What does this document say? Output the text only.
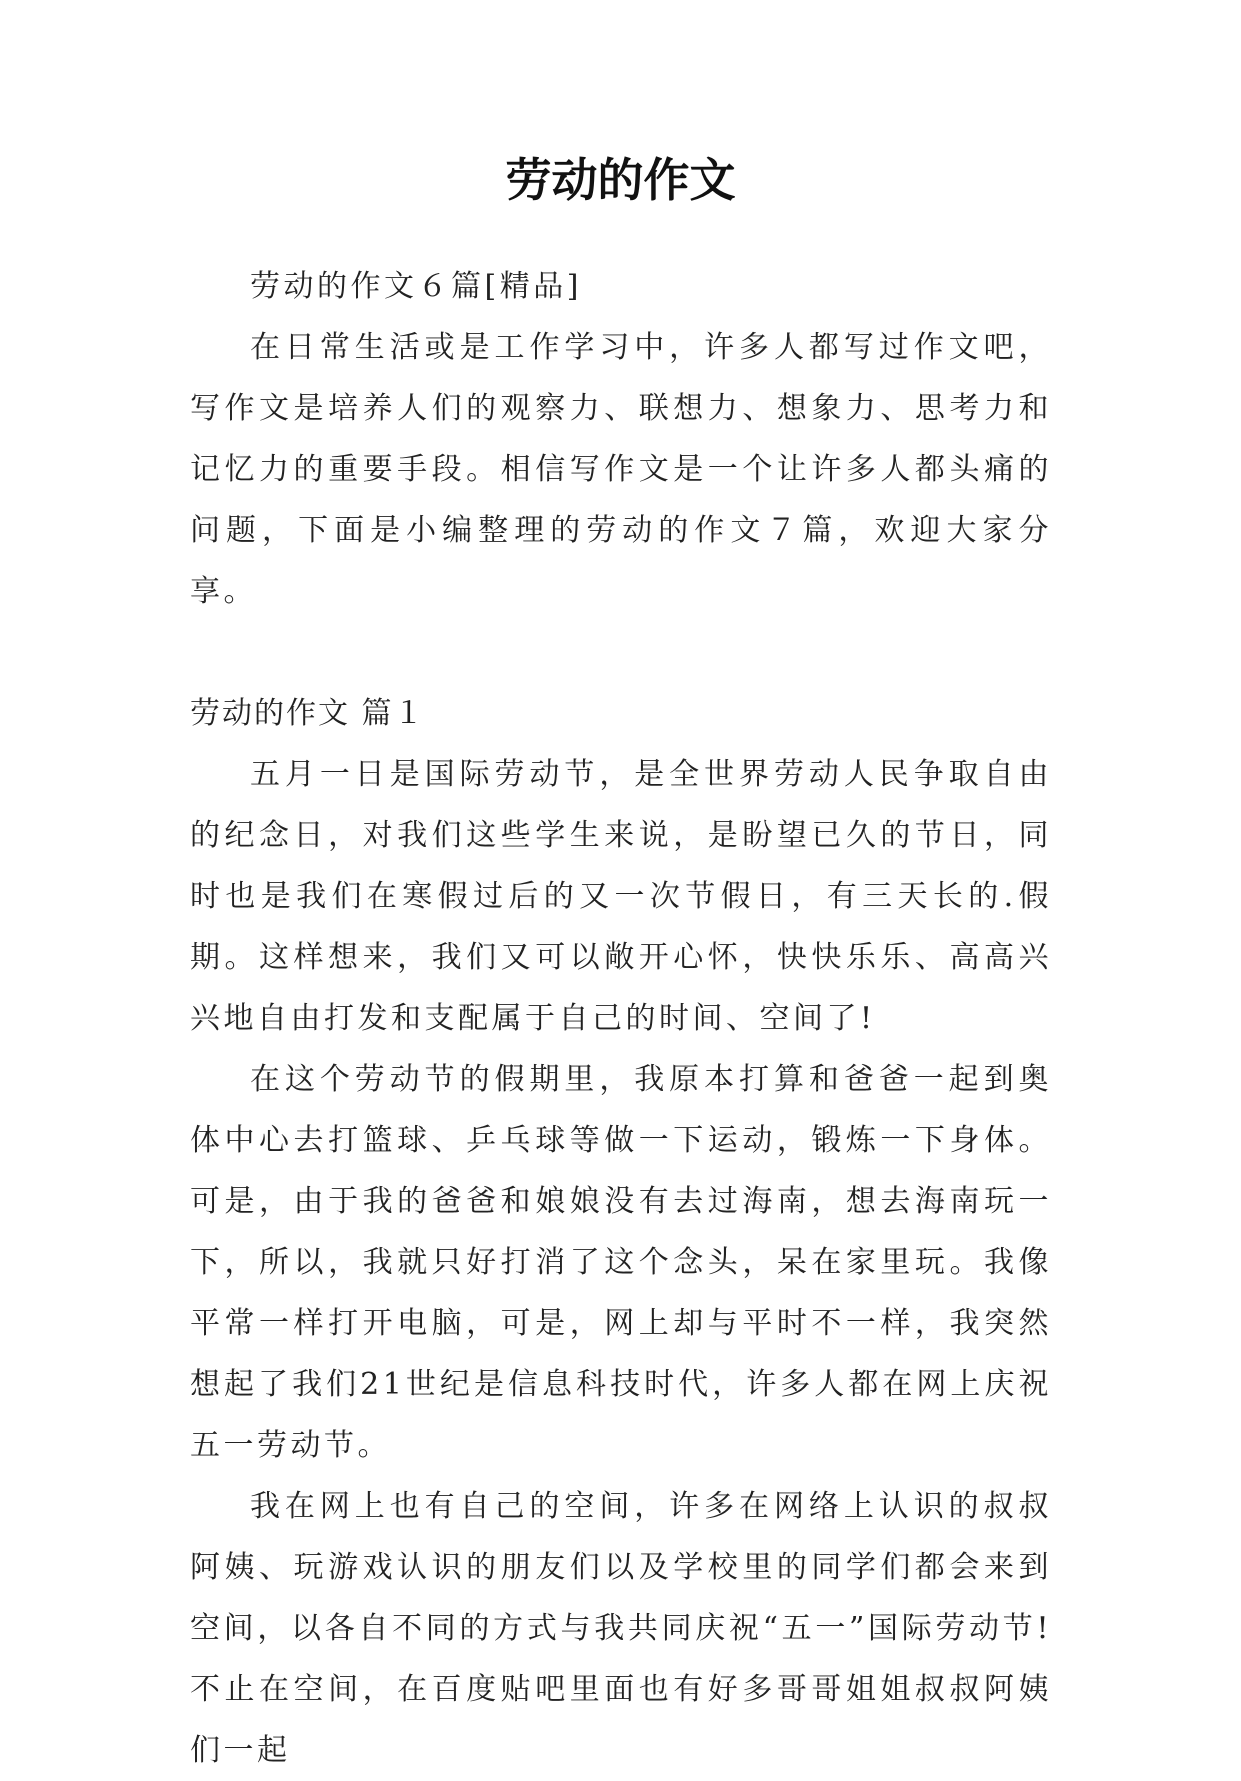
劳动的作文

劳动的作文６篇[精品]

在日常生活或是工作学习中，许多人都写过作文吧，写作文是培养人们的观察力、联想力、想象力、思考力和记忆力的重要手段。相信写作文是一个让许多人都头痛的问题，下面是小编整理的劳动的作文７篇，欢迎大家分享。

劳动的作文 篇１

五月一日是国际劳动节，是全世界劳动人民争取自由的纪念日，对我们这些学生来说，是盼望已久的节日，同时也是我们在寒假过后的又一次节假日，有三天长的.假期。这样想来，我们又可以敞开心怀，快快乐乐、高高兴兴地自由打发和支配属于自己的时间、空间了!

在这个劳动节的假期里，我原本打算和爸爸一起到奥体中心去打篮球、乒乓球等做一下运动，锻炼一下身体。可是，由于我的爸爸和娘娘没有去过海南，想去海南玩一下，所以，我就只好打消了这个念头，呆在家里玩。我像平常一样打开电脑，可是，网上却与平时不一样，我突然想起了我们21世纪是信息科技时代，许多人都在网上庆祝五一劳动节。

我在网上也有自己的空间，许多在网络上认识的叔叔阿姨、玩游戏认识的朋友们以及学校里的同学们都会来到空间，以各自不同的方式与我共同庆祝“五一”国际劳动节!不止在空间，在百度贴吧里面也有好多哥哥姐姐叔叔阿姨们一起
